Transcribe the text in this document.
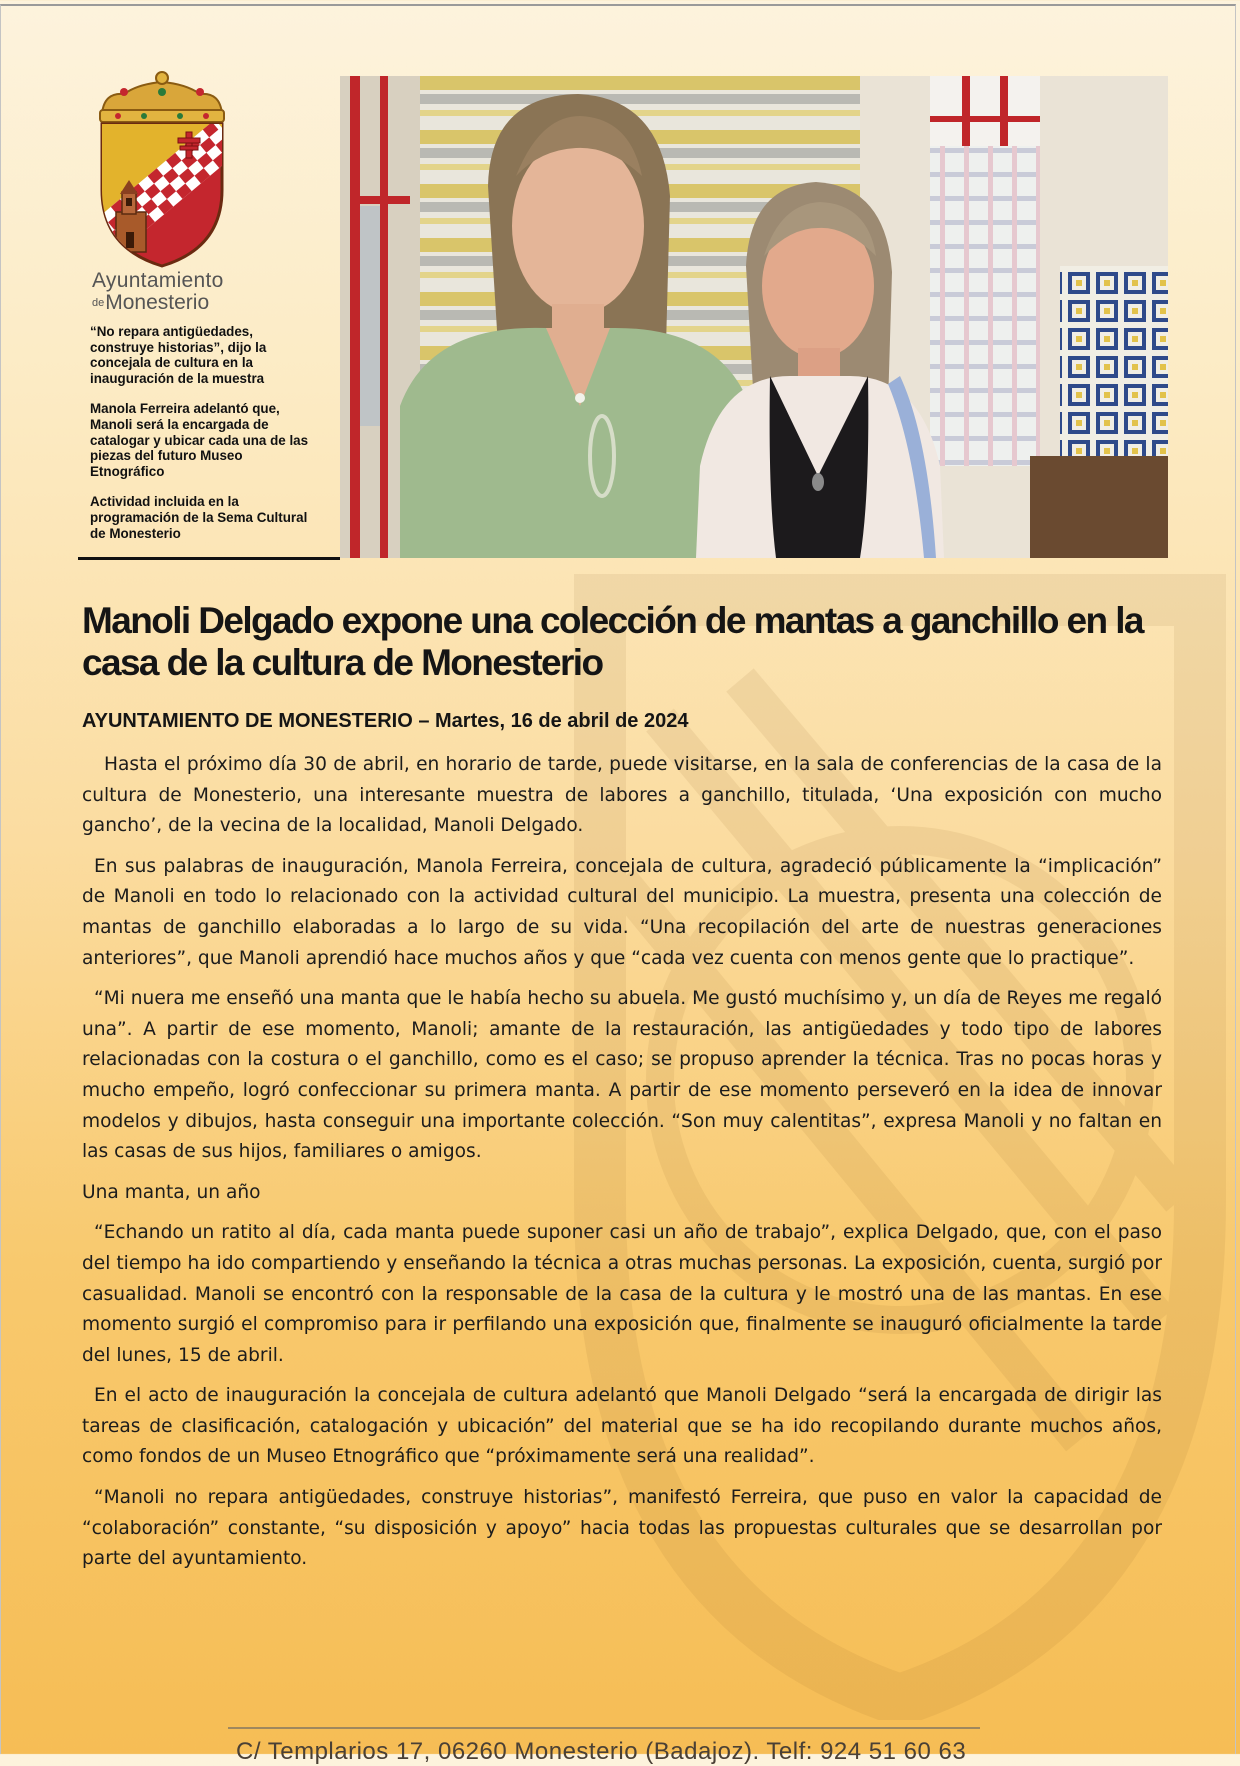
Ayuntamiento
deMonesterio

“No repara antigüedades, construye historias”, dijo la concejala de cultura en la inauguración de la muestra

Manola Ferreira adelantó que, Manoli será la encargada de catalogar y ubicar cada una de las piezas del futuro Museo Etnográfico

Actividad incluida en la programación de la Sema Cultural de Monesterio

Manoli Delgado expone una colección de mantas a ganchillo en la casa de la cultura de Monesterio

AYUNTAMIENTO DE MONESTERIO – Martes, 16 de abril de 2024

Hasta el próximo día 30 de abril, en horario de tarde, puede visitarse, en la sala de conferencias de la casa de la cultura de Monesterio, una interesante muestra de labores a ganchillo, titulada, ‘Una exposición con mucho gancho’, de la vecina de la localidad, Manoli Delgado.

En sus palabras de inauguración, Manola Ferreira, concejala de cultura, agradeció públicamente la “implicación” de Manoli en todo lo relacionado con la actividad cultural del municipio. La muestra, presenta una colección de mantas de ganchillo elaboradas a lo largo de su vida. “Una recopilación del arte de nuestras generaciones anteriores”, que Manoli aprendió hace muchos años y que “cada vez cuenta con menos gente que lo practique”.

“Mi nuera me enseñó una manta que le había hecho su abuela. Me gustó muchísimo y, un día de Reyes me regaló una”. A partir de ese momento, Manoli; amante de la restauración, las antigüedades y todo tipo de labores relacionadas con la costura o el ganchillo, como es el caso; se propuso aprender la técnica. Tras no pocas horas y mucho empeño, logró confeccionar su primera manta. A partir de ese momento perseveró en la idea de innovar modelos y dibujos, hasta conseguir una importante colección. “Son muy calentitas”, expresa Manoli y no faltan en las casas de sus hijos, familiares o amigos.

Una manta, un año

“Echando un ratito al día, cada manta puede suponer casi un año de trabajo”, explica Delgado, que, con el paso del tiempo ha ido compartiendo y enseñando la técnica a otras muchas personas. La exposición, cuenta, surgió por casualidad. Manoli se encontró con la responsable de la casa de la cultura y le mostró una de las mantas. En ese momento surgió el compromiso para ir perfilando una exposición que, finalmente se inauguró oficialmente la tarde del lunes, 15 de abril.

En el acto de inauguración la concejala de cultura adelantó que Manoli Delgado “será la encargada de dirigir las tareas de clasificación, catalogación y ubicación” del material que se ha ido recopilando durante muchos años, como fondos de un Museo Etnográfico que “próximamente será una realidad”.

“Manoli no repara antigüedades, construye historias”, manifestó Ferreira, que puso en valor la capacidad de “colaboración” constante, “su disposición y apoyo” hacia todas las propuestas culturales que se desarrollan por parte del ayuntamiento.

C/ Templarios 17, 06260 Monesterio (Badajoz). Telf: 924 51 60 63
